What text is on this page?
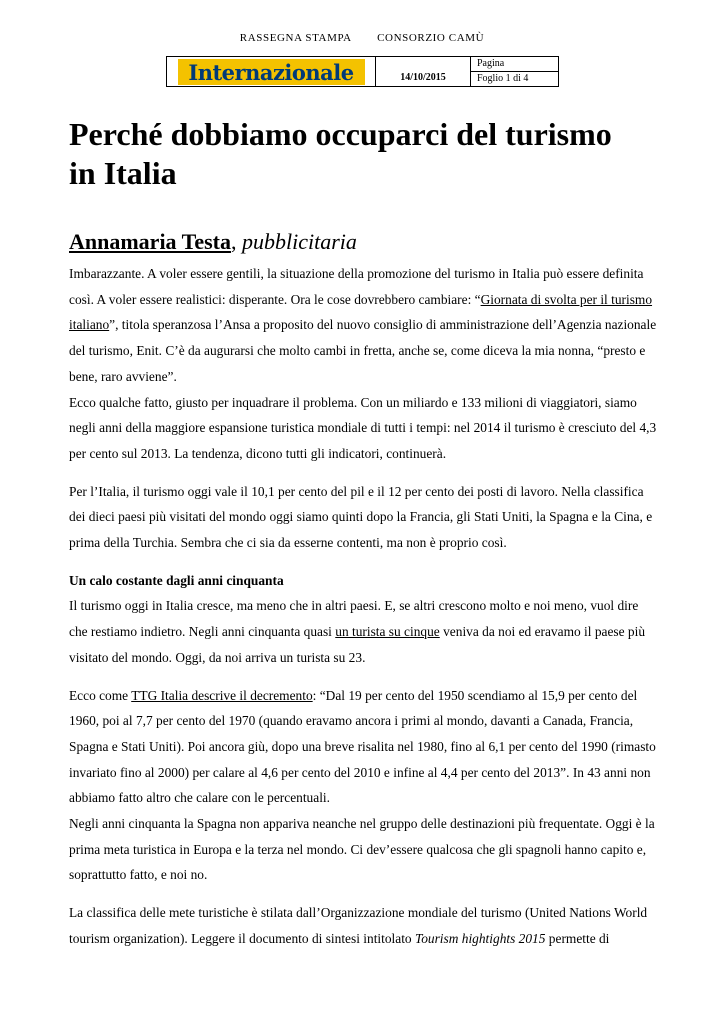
RASSEGNA STAMPA CONSORZIO CAMÙ
Internazionale	14/10/2015
Pagina
Foglio 1 di 4
Perché dobbiamo occuparci del turismo in Italia
Annamaria Testa, pubblicitaria

Imbarazzante. A voler essere gentili, la situazione della promozione del turismo in Italia può essere definita così. A voler essere realistici: disperante. Ora le cose dovrebbero cambiare: “Giornata di svolta per il turismo italiano”, titola speranzosa l’Ansa a proposito del nuovo consiglio di amministrazione dell’Agenzia nazionale del turismo, Enit. C’è da augurarsi che molto cambi in fretta, anche se, come diceva la mia nonna, “presto e bene, raro avviene”.

Ecco qualche fatto, giusto per inquadrare il problema. Con un miliardo e 133 milioni di viaggiatori, siamo negli anni della maggiore espansione turistica mondiale di tutti i tempi: nel 2014 il turismo è cresciuto del 4,3 per cento sul 2013. La tendenza, dicono tutti gli indicatori, continuerà.

Per l’Italia, il turismo oggi vale il 10,1 per cento del pil e il 12 per cento dei posti di lavoro. Nella classifica dei dieci paesi più visitati del mondo oggi siamo quinti dopo la Francia, gli Stati Uniti, la Spagna e la Cina, e prima della Turchia. Sembra che ci sia da esserne contenti, ma non è proprio così.

Un calo costante dagli anni cinquanta

Il turismo oggi in Italia cresce, ma meno che in altri paesi. E, se altri crescono molto e noi meno, vuol dire che restiamo indietro. Negli anni cinquanta quasi un turista su cinque veniva da noi ed eravamo il paese più visitato del mondo. Oggi, da noi arriva un turista su 23.

Ecco come TTG Italia descrive il decremento: “Dal 19 per cento del 1950 scendiamo al 15,9 per cento del 1960, poi al 7,7 per cento del 1970 (quando eravamo ancora i primi al mondo, davanti a Canada, Francia, Spagna e Stati Uniti). Poi ancora giù, dopo una breve risalita nel 1980, fino al 6,1 per cento del 1990 (rimasto invariato fino al 2000) per calare al 4,6 per cento del 2010 e infine al 4,4 per cento del 2013”. In 43 anni non abbiamo fatto altro che calare con le percentuali.

Negli anni cinquanta la Spagna non appariva neanche nel gruppo delle destinazioni più frequentate. Oggi è la prima meta turistica in Europa e la terza nel mondo. Ci dev’essere qualcosa che gli spagnoli hanno capito e, soprattutto fatto, e noi no.

La classifica delle mete turistiche è stilata dall’Organizzazione mondiale del turismo (United Nations World tourism organization). Leggere il documento di sintesi intitolato Tourism hightights 2015 permette di
